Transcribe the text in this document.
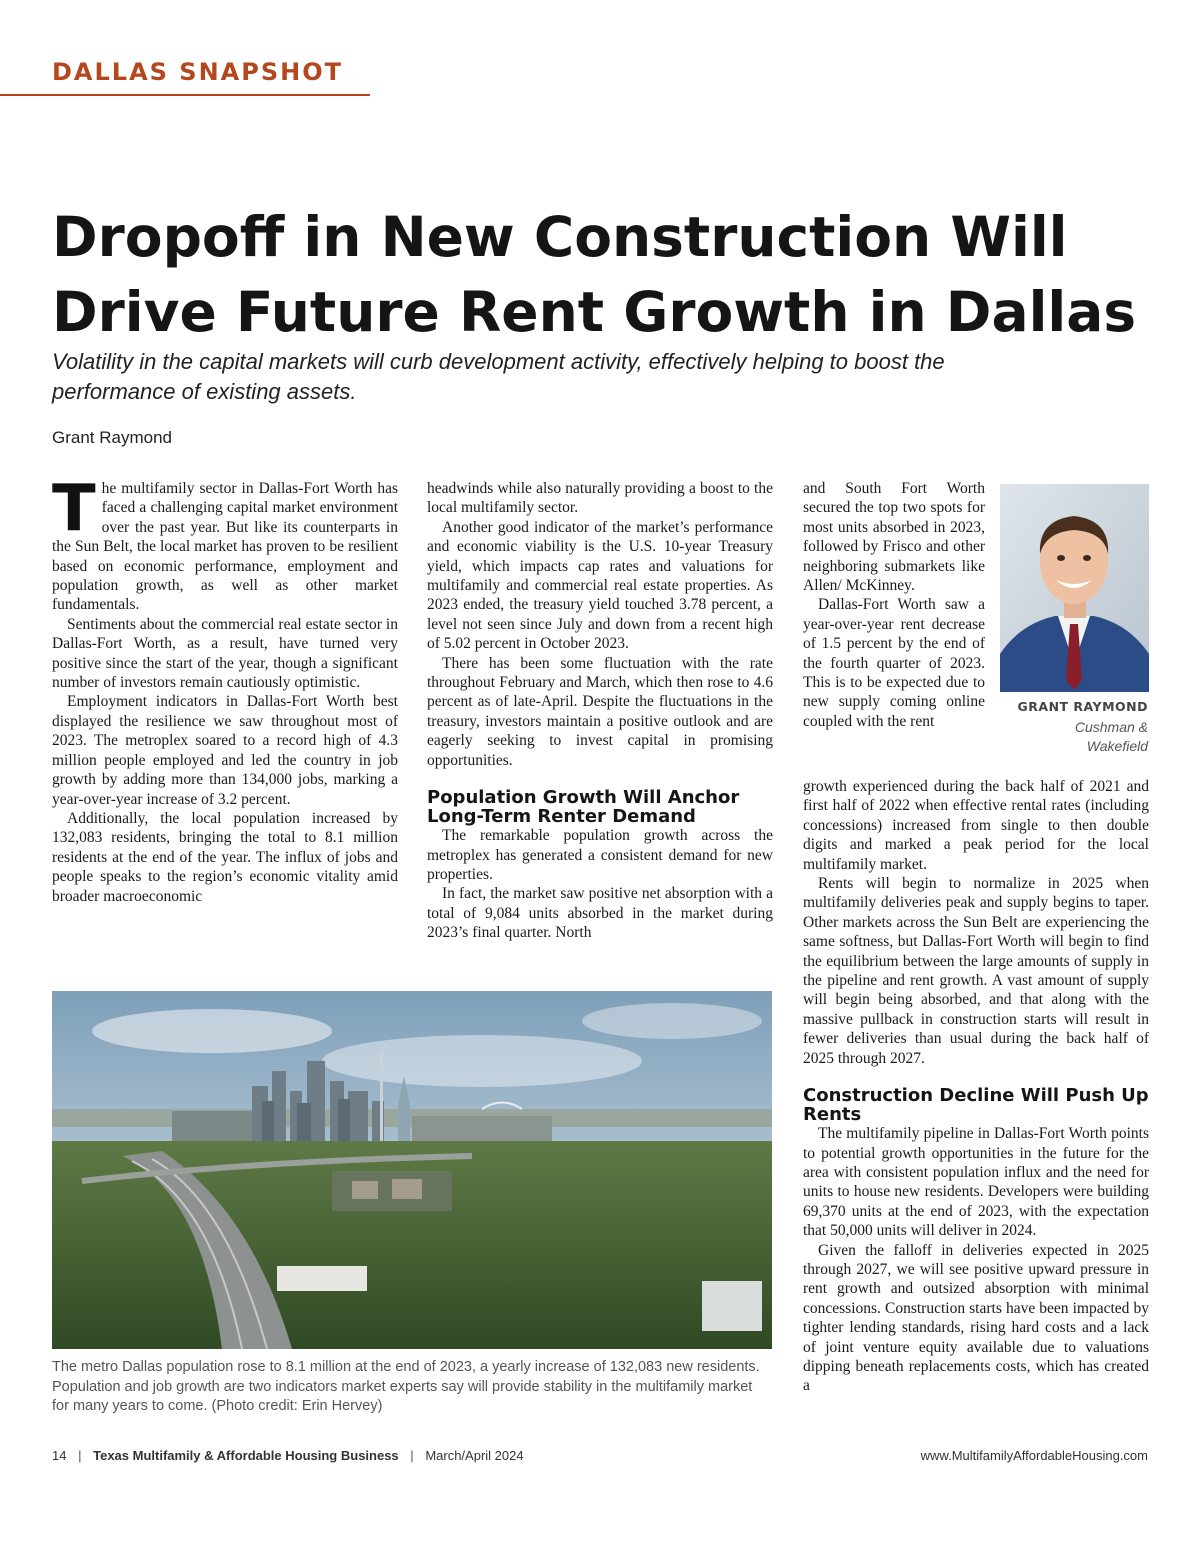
DALLAS SNAPSHOT
Dropoff in New Construction Will Drive Future Rent Growth in Dallas

Volatility in the capital markets will curb development activity, effectively helping to boost the performance of existing assets.

Grant Raymond

The multifamily sector in Dallas-Fort Worth has faced a challenging capital market environment over the past year. But like its counterparts in the Sun Belt, the local market has proven to be resilient based on economic performance, employment and population growth, as well as other market fundamentals.

Sentiments about the commercial real estate sector in Dallas-Fort Worth, as a result, have turned very positive since the start of the year, though a significant number of investors remain cautiously optimistic.

Employment indicators in Dallas-Fort Worth best displayed the resilience we saw throughout most of 2023. The metroplex soared to a record high of 4.3 million people employed and led the country in job growth by adding more than 134,000 jobs, marking a year-over-year increase of 3.2 percent.

Additionally, the local population increased by 132,083 residents, bringing the total to 8.1 million residents at the end of the year. The influx of jobs and people speaks to the region’s economic vitality amid broader macroeconomic

headwinds while also naturally providing a boost to the local multifamily sector.

Another good indicator of the market’s performance and economic viability is the U.S. 10-year Treasury yield, which impacts cap rates and valuations for multifamily and commercial real estate properties. As 2023 ended, the treasury yield touched 3.78 percent, a level not seen since July and down from a recent high of 5.02 percent in October 2023.

There has been some fluctuation with the rate throughout February and March, which then rose to 4.6 percent as of late-April. Despite the fluctuations in the treasury, investors maintain a positive outlook and are eagerly seeking to invest capital in promising opportunities.

Population Growth Will Anchor Long-Term Renter Demand

The remarkable population growth across the metroplex has generated a consistent demand for new properties.

In fact, the market saw positive net absorption with a total of 9,084 units absorbed in the market during 2023’s final quarter. North

and South Fort Worth secured the top two spots for most units absorbed in 2023, followed by Frisco and other neighboring submarkets like Allen/ McKinney.

Dallas-Fort Worth saw a year-over-year rent decrease of 1.5 percent by the end of the fourth quarter of 2023. This is to be expected due to new supply coming online coupled with the rent

GRANT RAYMOND
Cushman &
Wakefield

growth experienced during the back half of 2021 and first half of 2022 when effective rental rates (including concessions) increased from single to then double digits and marked a peak period for the local multifamily market.

Rents will begin to normalize in 2025 when multifamily deliveries peak and supply begins to taper. Other markets across the Sun Belt are experiencing the same softness, but Dallas-Fort Worth will begin to find the equilibrium between the large amounts of supply in the pipeline and rent growth. A vast amount of supply will begin being absorbed, and that along with the massive pullback in construction starts will result in fewer deliveries than usual during the back half of 2025 through 2027.

Construction Decline Will Push Up Rents

The multifamily pipeline in Dallas-Fort Worth points to potential growth opportunities in the future for the area with consistent population influx and the need for units to house new residents. Developers were building 69,370 units at the end of 2023, with the expectation that 50,000 units will deliver in 2024.

Given the falloff in deliveries expected in 2025 through 2027, we will see positive upward pressure in rent growth and outsized absorption with minimal concessions. Construction starts have been impacted by tighter lending standards, rising hard costs and a lack of joint venture equity available due to valuations dipping beneath replacements costs, which has created a

The metro Dallas population rose to 8.1 million at the end of 2023, a yearly increase of 132,083 new residents. Population and job growth are two indicators market experts say will provide stability in the multifamily market for many years to come. (Photo credit: Erin Hervey)

14 | Texas Multifamily & Affordable Housing Business | March/April 2024	www.MultifamilyAffordableHousing.com
